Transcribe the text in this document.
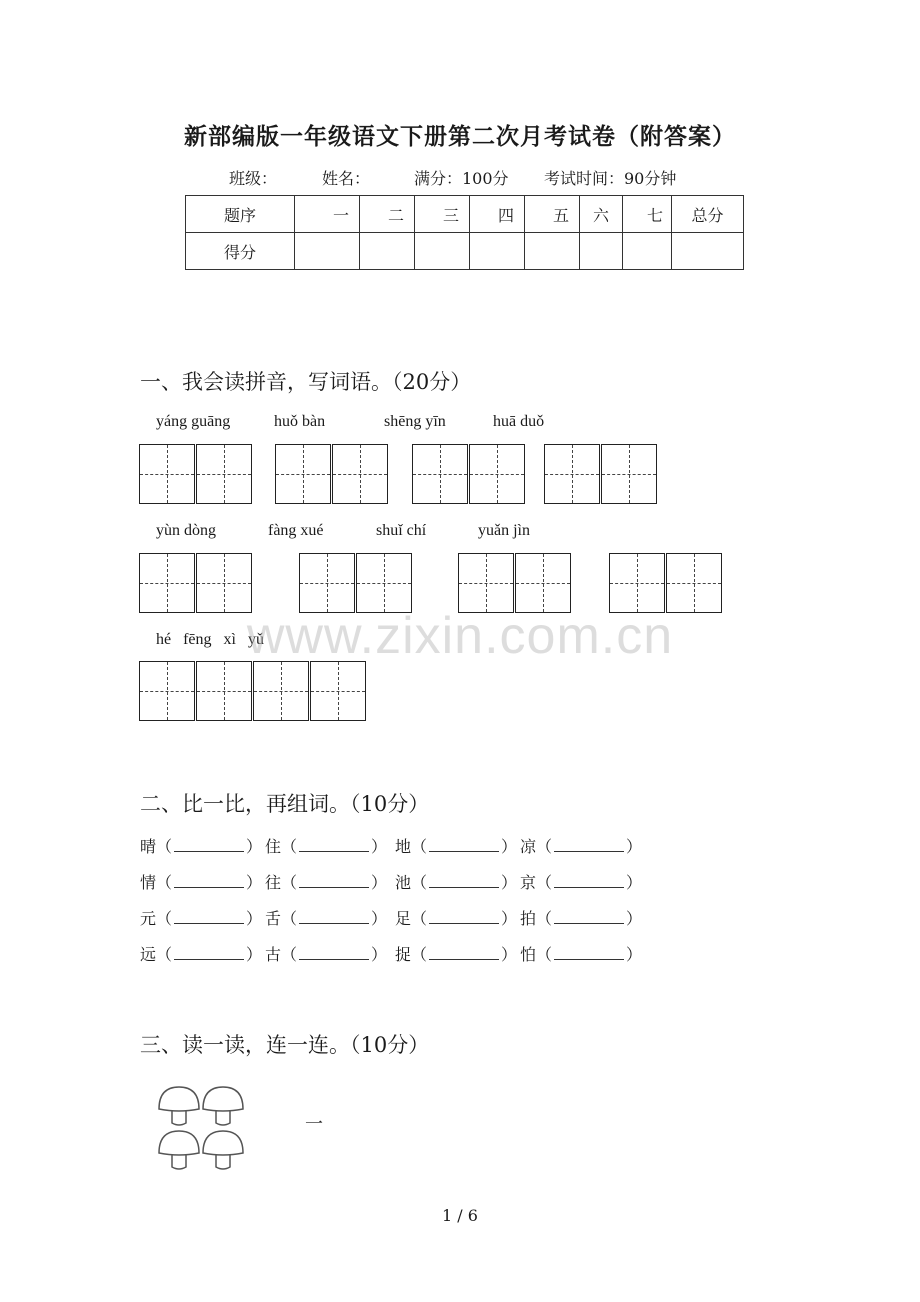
新部编版一年级语文下册第二次月考试卷（附答案）
班级：	姓名：	满分：100分 考试时间：90分钟
题序	一	二	三	四	五	六	七	总分
得分								
一、我会读拼音，写词语。（20分）
yáng guāng	huǒ bàn	shēng yīn	huā duǒ
yùn dòng	fàng xué	shuǐ chí	yuǎn jìn
hé fēng xì yǔ
www.zixin.com.cn
二、比一比，再组词。（10分）
晴（	） 住（	） 地（	） 凉（	）
情（	） 往（	） 池（	） 京（	）
元（	） 舌（	） 足（	） 拍（	）
远（	） 古（	） 捉（	） 怕（	）
三、读一读，连一连。（10分）
一
1 / 6
